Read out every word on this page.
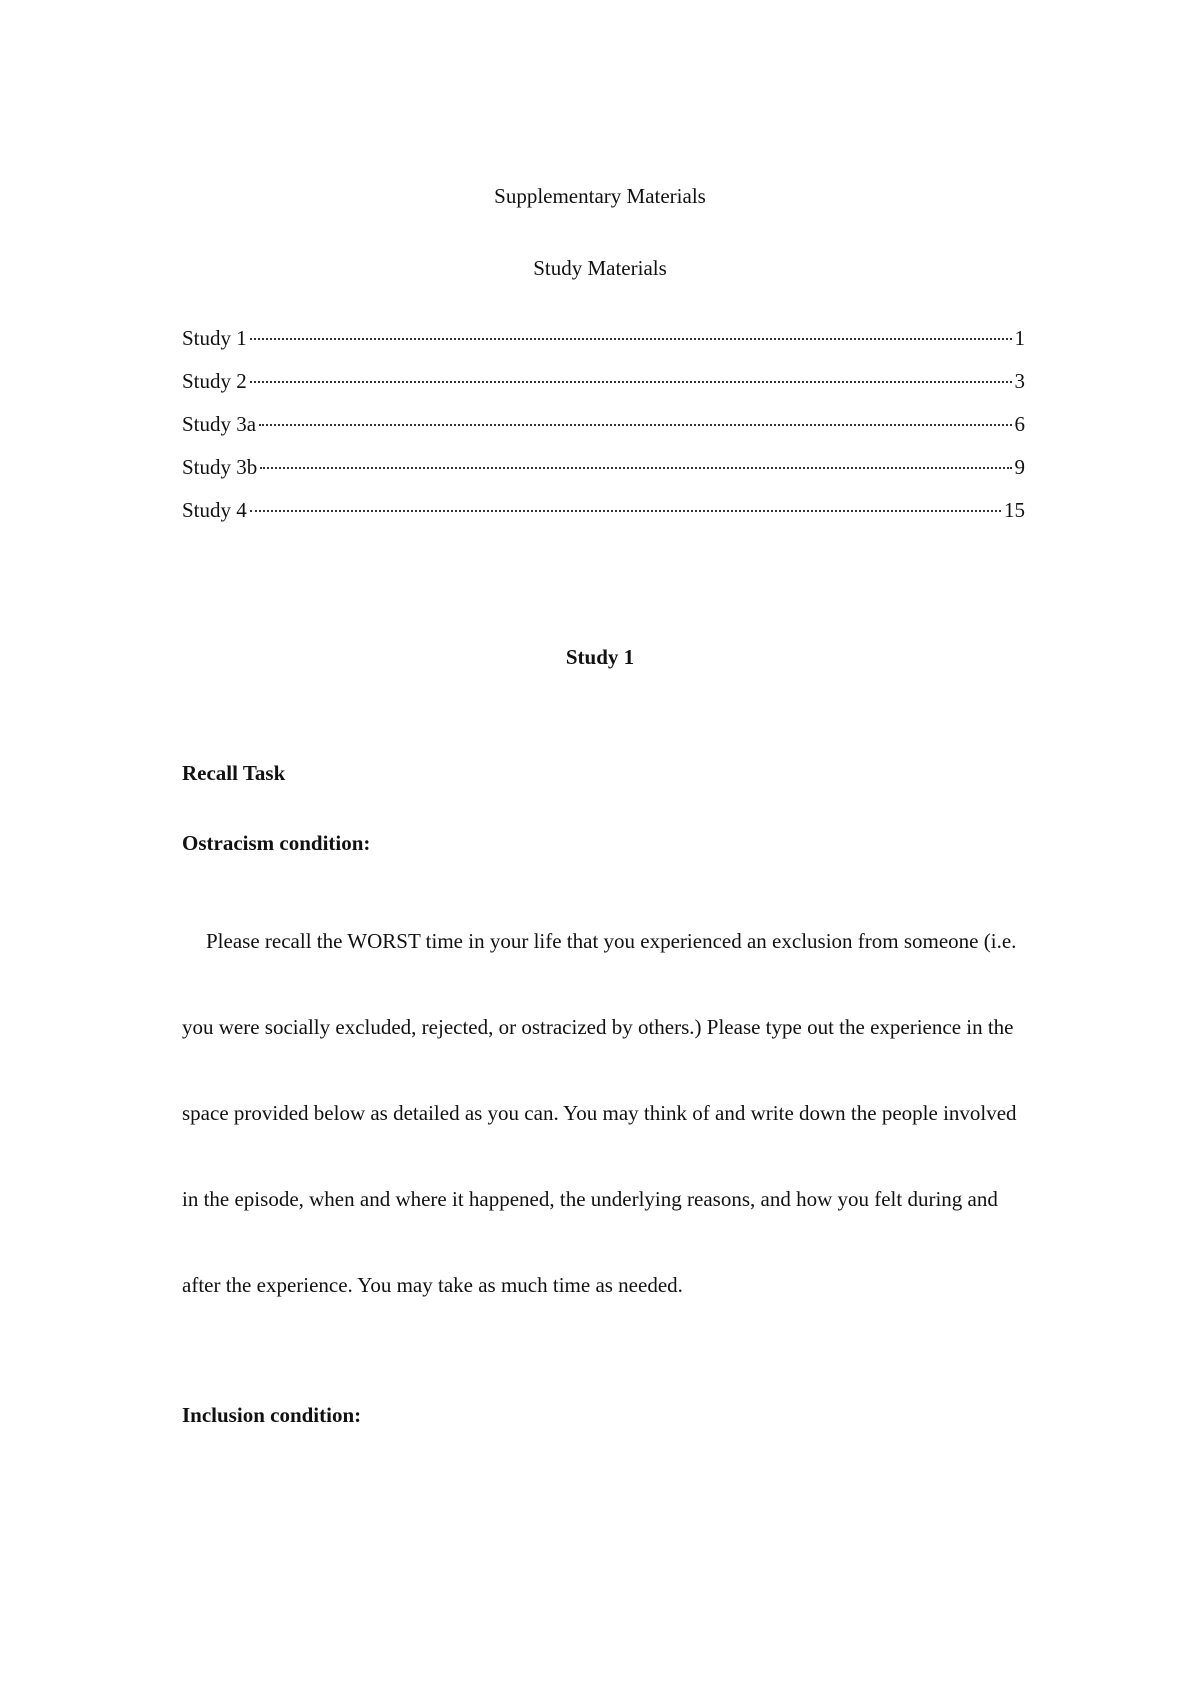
Supplementary Materials
Study Materials
Study 1	1
Study 2	3
Study 3a	6
Study 3b	9
Study 4	15
Study 1
Recall Task
Ostracism condition:

Please recall the WORST time in your life that you experienced an exclusion from someone (i.e. you were socially excluded, rejected, or ostracized by others.) Please type out the experience in the space provided below as detailed as you can. You may think of and write down the people involved in the episode, when and where it happened, the underlying reasons, and how you felt during and after the experience. You may take as much time as needed.

Inclusion condition:
